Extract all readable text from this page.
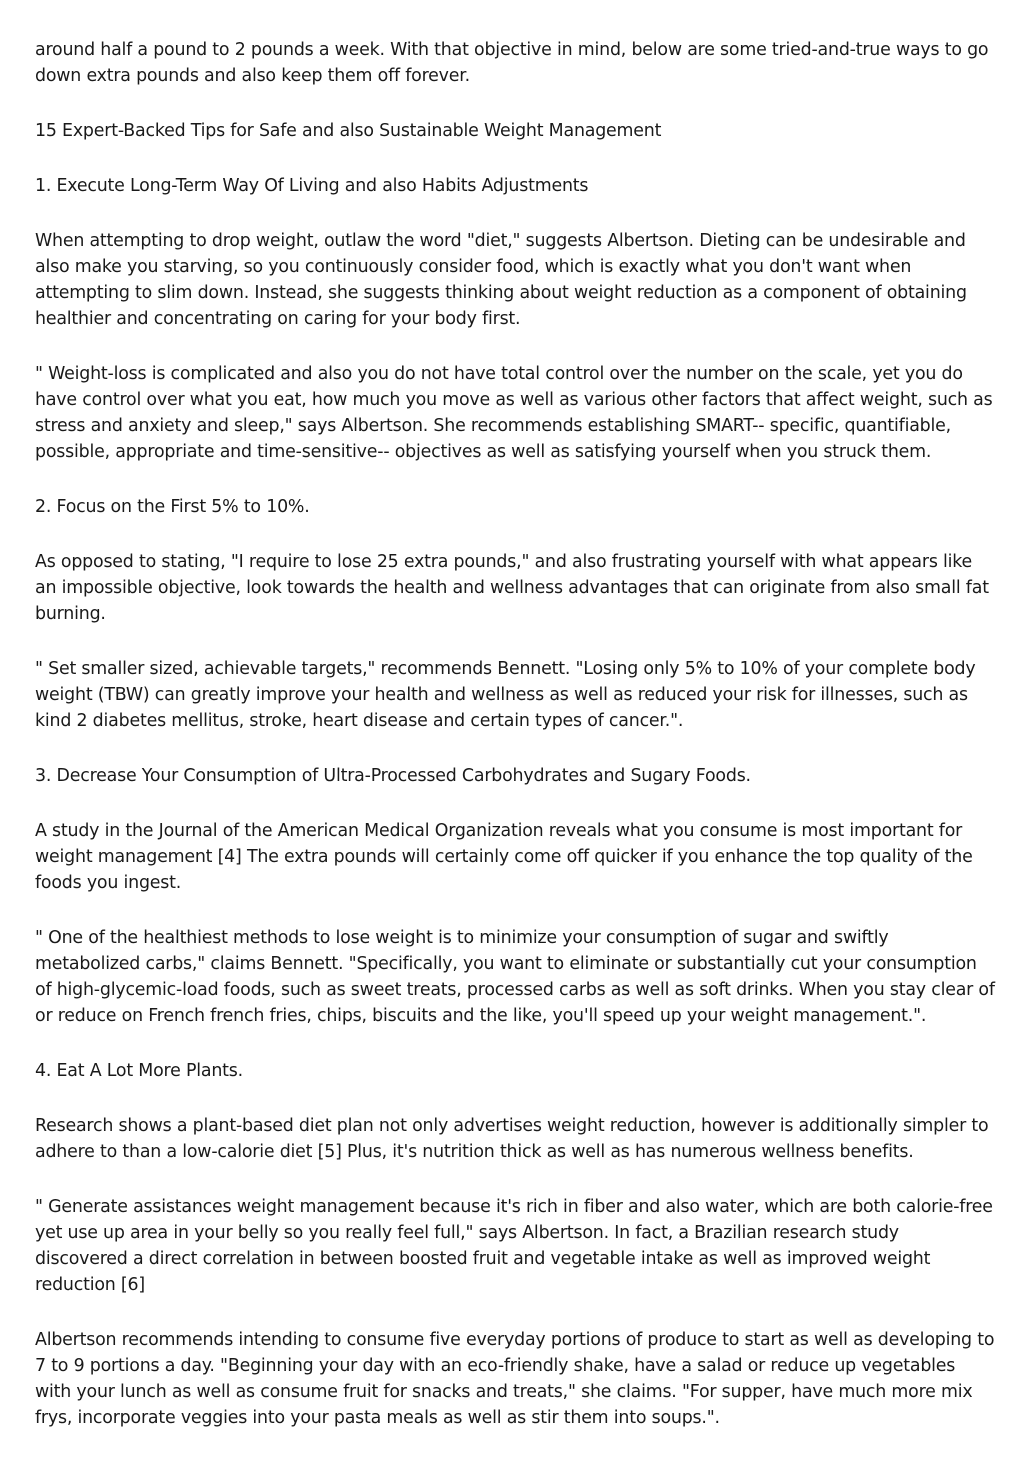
around half a pound to 2 pounds a week. With that objective in mind, below are some tried-and-true ways to go down extra pounds and also keep them off forever.

15 Expert-Backed Tips for Safe and also Sustainable Weight Management

1. Execute Long-Term Way Of Living and also Habits Adjustments

When attempting to drop weight, outlaw the word "diet," suggests Albertson. Dieting can be undesirable and also make you starving, so you continuously consider food, which is exactly what you don't want when attempting to slim down. Instead, she suggests thinking about weight reduction as a component of obtaining healthier and concentrating on caring for your body first.

" Weight-loss is complicated and also you do not have total control over the number on the scale, yet you do have control over what you eat, how much you move as well as various other factors that affect weight, such as stress and anxiety and sleep," says Albertson. She recommends establishing SMART-- specific, quantifiable, possible, appropriate and time-sensitive-- objectives as well as satisfying yourself when you struck them.

2. Focus on the First 5% to 10%.

As opposed to stating, "I require to lose 25 extra pounds," and also frustrating yourself with what appears like an impossible objective, look towards the health and wellness advantages that can originate from also small fat burning.

" Set smaller sized, achievable targets," recommends Bennett. "Losing only 5% to 10% of your complete body weight (TBW) can greatly improve your health and wellness as well as reduced your risk for illnesses, such as kind 2 diabetes mellitus, stroke, heart disease and certain types of cancer.".

3. Decrease Your Consumption of Ultra-Processed Carbohydrates and Sugary Foods.

A study in the Journal of the American Medical Organization reveals what you consume is most important for weight management [4] The extra pounds will certainly come off quicker if you enhance the top quality of the foods you ingest.

" One of the healthiest methods to lose weight is to minimize your consumption of sugar and swiftly metabolized carbs," claims Bennett. "Specifically, you want to eliminate or substantially cut your consumption of high-glycemic-load foods, such as sweet treats, processed carbs as well as soft drinks. When you stay clear of or reduce on French french fries, chips, biscuits and the like, you'll speed up your weight management.".

4. Eat A Lot More Plants.

Research shows a plant-based diet plan not only advertises weight reduction, however is additionally simpler to adhere to than a low-calorie diet [5] Plus, it's nutrition thick as well as has numerous wellness benefits.

" Generate assistances weight management because it's rich in fiber and also water, which are both calorie-free yet use up area in your belly so you really feel full," says Albertson. In fact, a Brazilian research study discovered a direct correlation in between boosted fruit and vegetable intake as well as improved weight reduction [6]

Albertson recommends intending to consume five everyday portions of produce to start as well as developing to 7 to 9 portions a day. "Beginning your day with an eco-friendly shake, have a salad or reduce up vegetables with your lunch as well as consume fruit for snacks and treats," she claims. "For supper, have much more mix frys, incorporate veggies into your pasta meals as well as stir them into soups.".
